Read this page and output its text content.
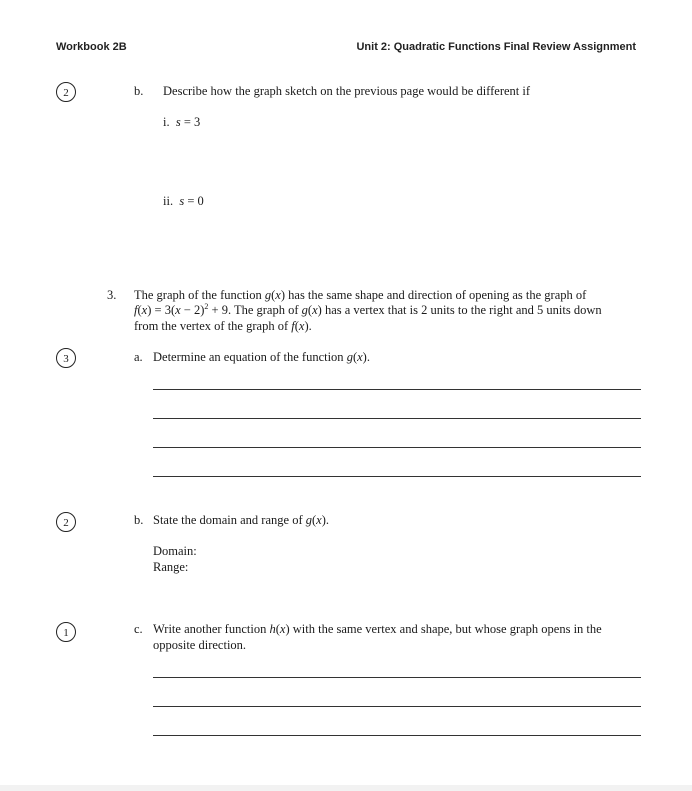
Workbook 2B	Unit 2: Quadratic Functions Final Review Assignment
2	b. Describe how the graph sketch on the previous page would be different if
i. s = 3
ii. s = 0
3. The graph of the function g(x) has the same shape and direction of opening as the graph of
$f(x) = 3(x - 2)^2 + 9$. The graph of g(x) has a vertex that is 2 units to the right and 5 units down
from the vertex of the graph of f(x).
3	a. Determine an equation of the function g(x).
2	b. State the domain and range of g(x).
Domain:
Range:
1	c. Write another function h(x) with the same vertex and shape, but whose graph opens in the
opposite direction.
